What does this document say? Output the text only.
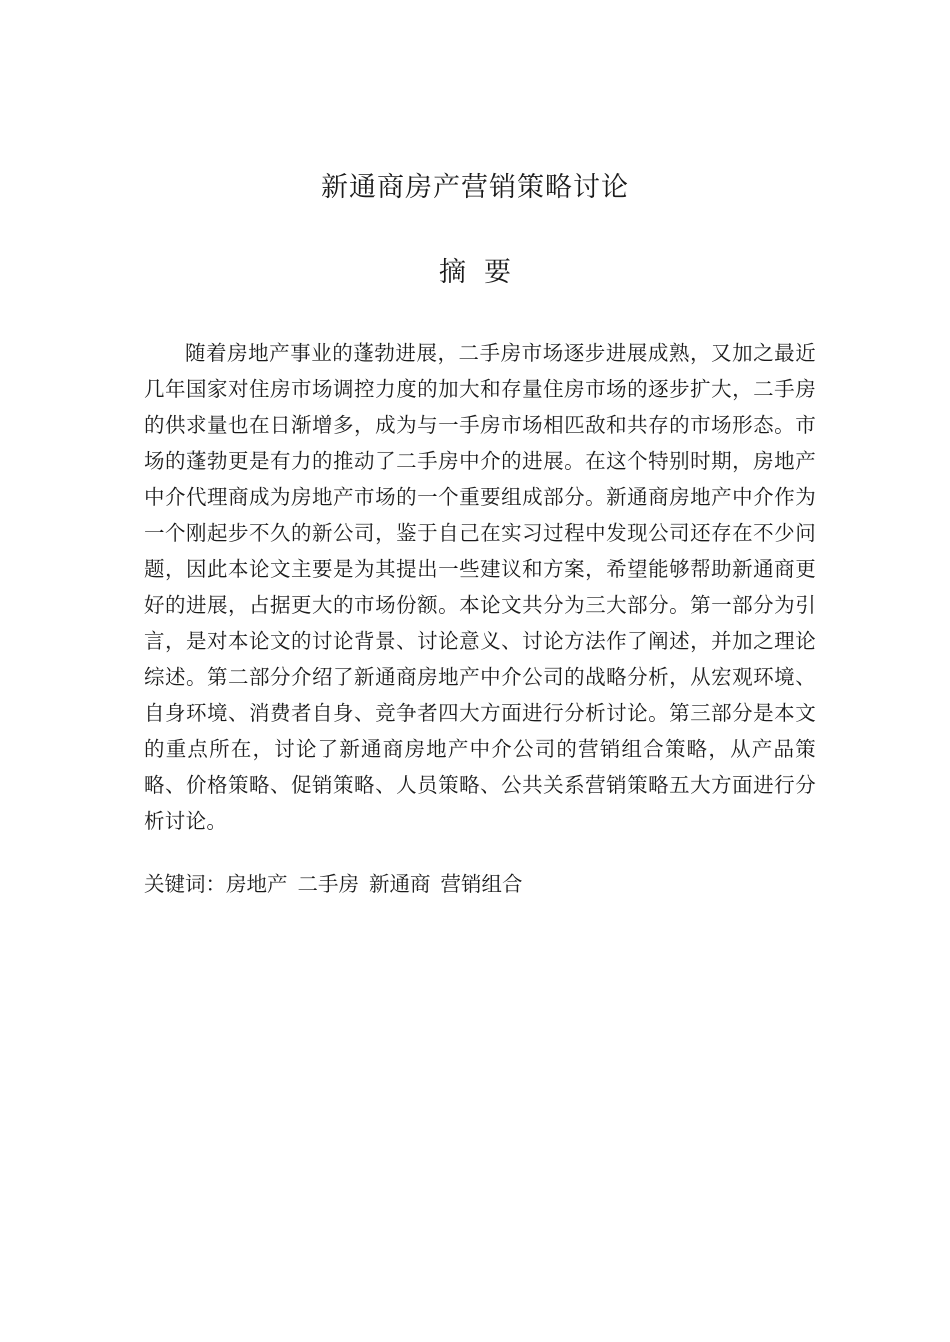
新通商房产营销策略讨论
摘 要

随着房地产事业的蓬勃进展，二手房市场逐步进展成熟，又加之最近几年国家对住房市场调控力度的加大和存量住房市场的逐步扩大，二手房的供求量也在日渐增多，成为与一手房市场相匹敌和共存的市场形态。市场的蓬勃更是有力的推动了二手房中介的进展。在这个特别时期，房地产中介代理商成为房地产市场的一个重要组成部分。新通商房地产中介作为一个刚起步不久的新公司，鉴于自己在实习过程中发现公司还存在不少问题，因此本论文主要是为其提出一些建议和方案，希望能够帮助新通商更好的进展，占据更大的市场份额。本论文共分为三大部分。第一部分为引言，是对本论文的讨论背景、讨论意义、讨论方法作了阐述，并加之理论综述。第二部分介绍了新通商房地产中介公司的战略分析，从宏观环境、自身环境、消费者自身、竞争者四大方面进行分析讨论。第三部分是本文的重点所在，讨论了新通商房地产中介公司的营销组合策略，从产品策略、价格策略、促销策略、人员策略、公共关系营销策略五大方面进行分析讨论。

关键词：房地产 二手房 新通商 营销组合
